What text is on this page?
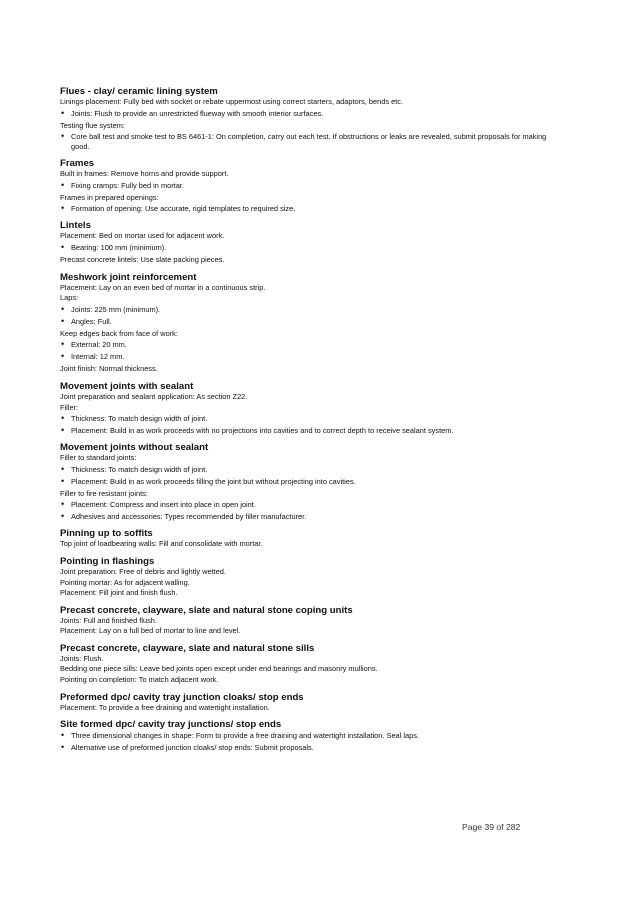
Flues - clay/ ceramic lining system
Linings placement: Fully bed with socket or rebate uppermost using correct starters, adaptors, bends etc.
• Joints: Flush to provide an unrestricted flueway with smooth interior surfaces.
Testing flue system:
• Core ball test and smoke test to BS 6461-1: On completion, carry out each test. If obstructions or leaks are revealed, submit proposals for making good.
Frames
Built in frames: Remove horns and provide support.
• Fixing cramps: Fully bed in mortar.
Frames in prepared openings:
• Formation of opening: Use accurate, rigid templates to required size.
Lintels
Placement: Bed on mortar used for adjacent work.
• Bearing: 100 mm (minimum).
Precast concrete lintels: Use slate packing pieces.
Meshwork joint reinforcement
Placement: Lay on an even bed of mortar in a continuous strip.
Laps:
• Joints: 225 mm (minimum).
• Angles: Full.
Keep edges back from face of work:
• External: 20 mm.
• Internal: 12 mm.
Joint finish: Normal thickness.
Movement joints with sealant
Joint preparation and sealant application: As section Z22.
Filler:
• Thickness: To match design width of joint.
• Placement: Build in as work proceeds with no projections into cavities and to correct depth to receive sealant system.
Movement joints without sealant
Filler to standard joints:
• Thickness: To match design width of joint.
• Placement: Build in as work proceeds filling the joint but without projecting into cavities.
Filler to fire resistant joints:
• Placement: Compress and insert into place in open joint.
• Adhesives and accessories: Types recommended by filler manufacturer.
Pinning up to soffits
Top joint of loadbearing walls: Fill and consolidate with mortar.
Pointing in flashings
Joint preparation: Free of debris and lightly wetted.
Pointing mortar: As for adjacent walling.
Placement: Fill joint and finish flush.
Precast concrete, clayware, slate and natural stone coping units
Joints: Full and finished flush.
Placement: Lay on a full bed of mortar to line and level.
Precast concrete, clayware, slate and natural stone sills
Joints: Flush.
Bedding one piece sills: Leave bed joints open except under end bearings and masonry mullions.
Pointing on completion: To match adjacent work.
Preformed dpc/ cavity tray junction cloaks/ stop ends
Placement: To provide a free draining and watertight installation.
Site formed dpc/ cavity tray junctions/ stop ends
• Three dimensional changes in shape: Form to provide a free draining and watertight installation. Seal laps.
• Alternative use of preformed junction cloaks/ stop ends: Submit proposals.
Page 39 of 282
